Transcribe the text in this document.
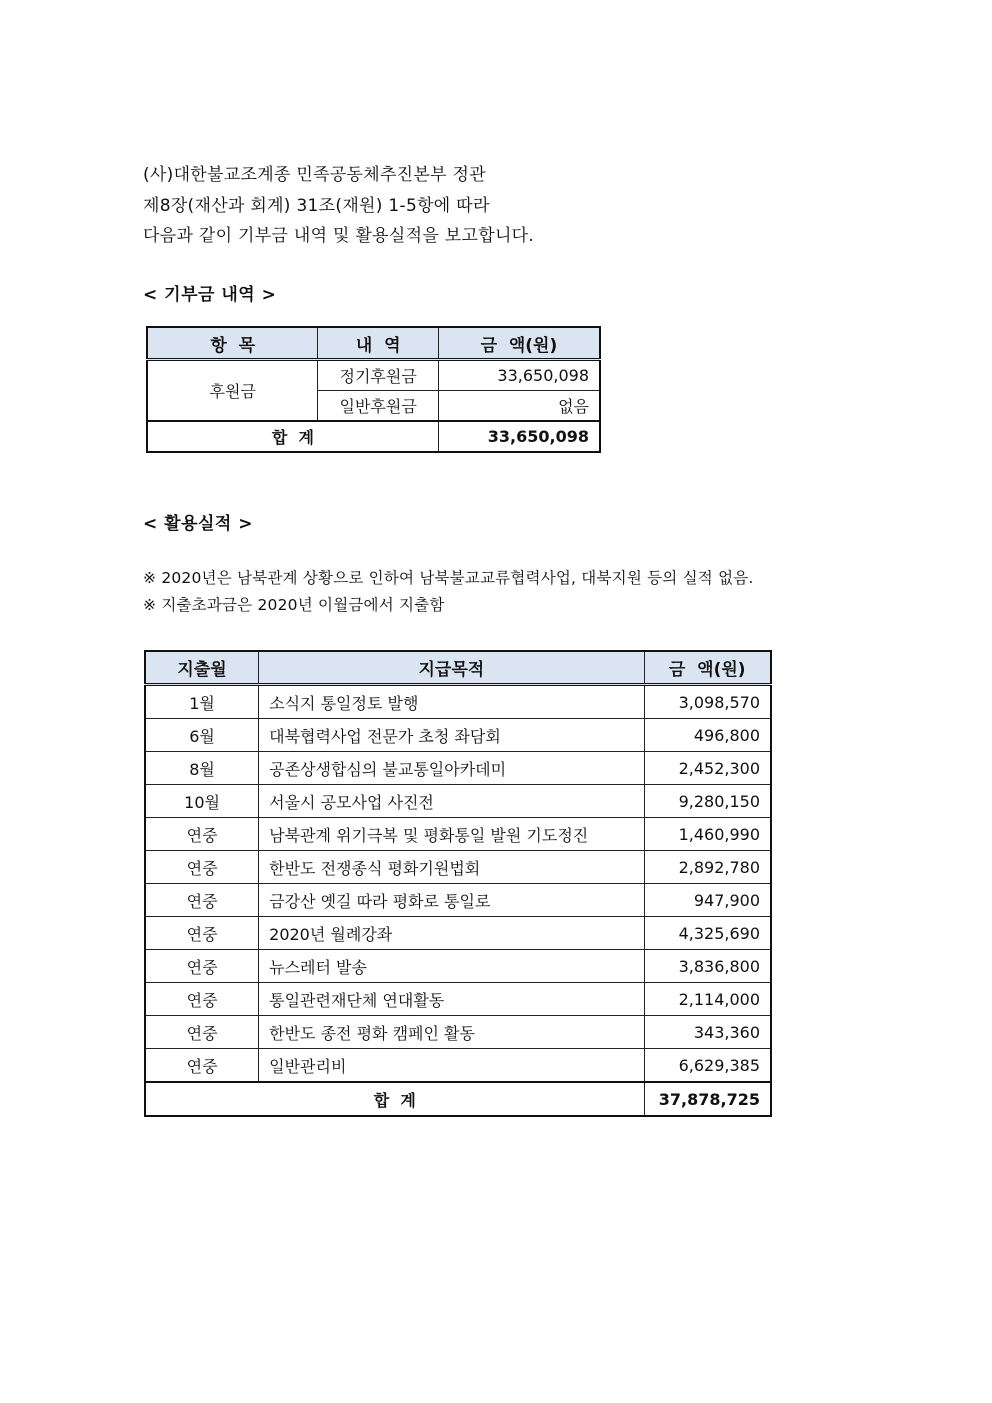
(사)대한불교조계종 민족공동체추진본부 정관
제8장(재산과 회계) 31조(재원) 1-5항에 따라
다음과 같이 기부금 내역 및 활용실적을 보고합니다.
< 기부금 내역 >
항  목	내  역	금  액(원)
후원금	정기후원금	33,650,098
	일반후원금	없음
합  계		33,650,098
< 활용실적 >
※ 2020년은 남북관계 상황으로 인하여 남북불교교류협력사업, 대북지원 등의 실적 없음.
※ 지출초과금은 2020년 이월금에서 지출함
지출월	지급목적	금  액(원)
1월	소식지 통일정토 발행	3,098,570
6월	대북협력사업 전문가 초청 좌담회	496,800
8월	공존상생합심의 불교통일아카데미	2,452,300
10월	서울시 공모사업 사진전	9,280,150
연중	남북관계 위기극복 및 평화통일 발원 기도정진	1,460,990
연중	한반도 전쟁종식 평화기원법회	2,892,780
연중	금강산 옛길 따라 평화로 통일로	947,900
연중	2020년 월례강좌	4,325,690
연중	뉴스레터 발송	3,836,800
연중	통일관련재단체 연대활동	2,114,000
연중	한반도 종전 평화 캠페인 활동	343,360
연중	일반관리비	6,629,385
합  계		37,878,725
